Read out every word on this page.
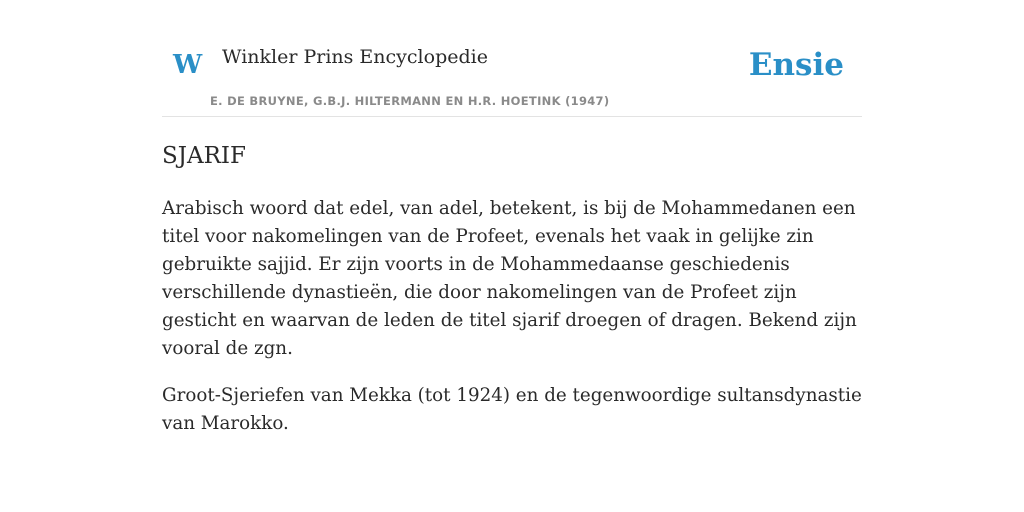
W Winkler Prins Encyclopedie
E. DE BRUYNE, G.B.J. HILTERMANN EN H.R. HOETINK (1947)
Ensie
SJARIF

Arabisch woord dat edel, van adel, betekent, is bij de Mohammedanen een titel voor nakomelingen van de Profeet, evenals het vaak in gelijke zin gebruikte sajjid. Er zijn voorts in de Mohammedaanse geschiedenis verschillende dynastieën, die door nakomelingen van de Profeet zijn gesticht en waarvan de leden de titel sjarif droegen of dragen. Bekend zijn vooral de zgn.

Groot-Sjeriefen van Mekka (tot 1924) en de tegenwoordige sultansdynastie van Marokko.
